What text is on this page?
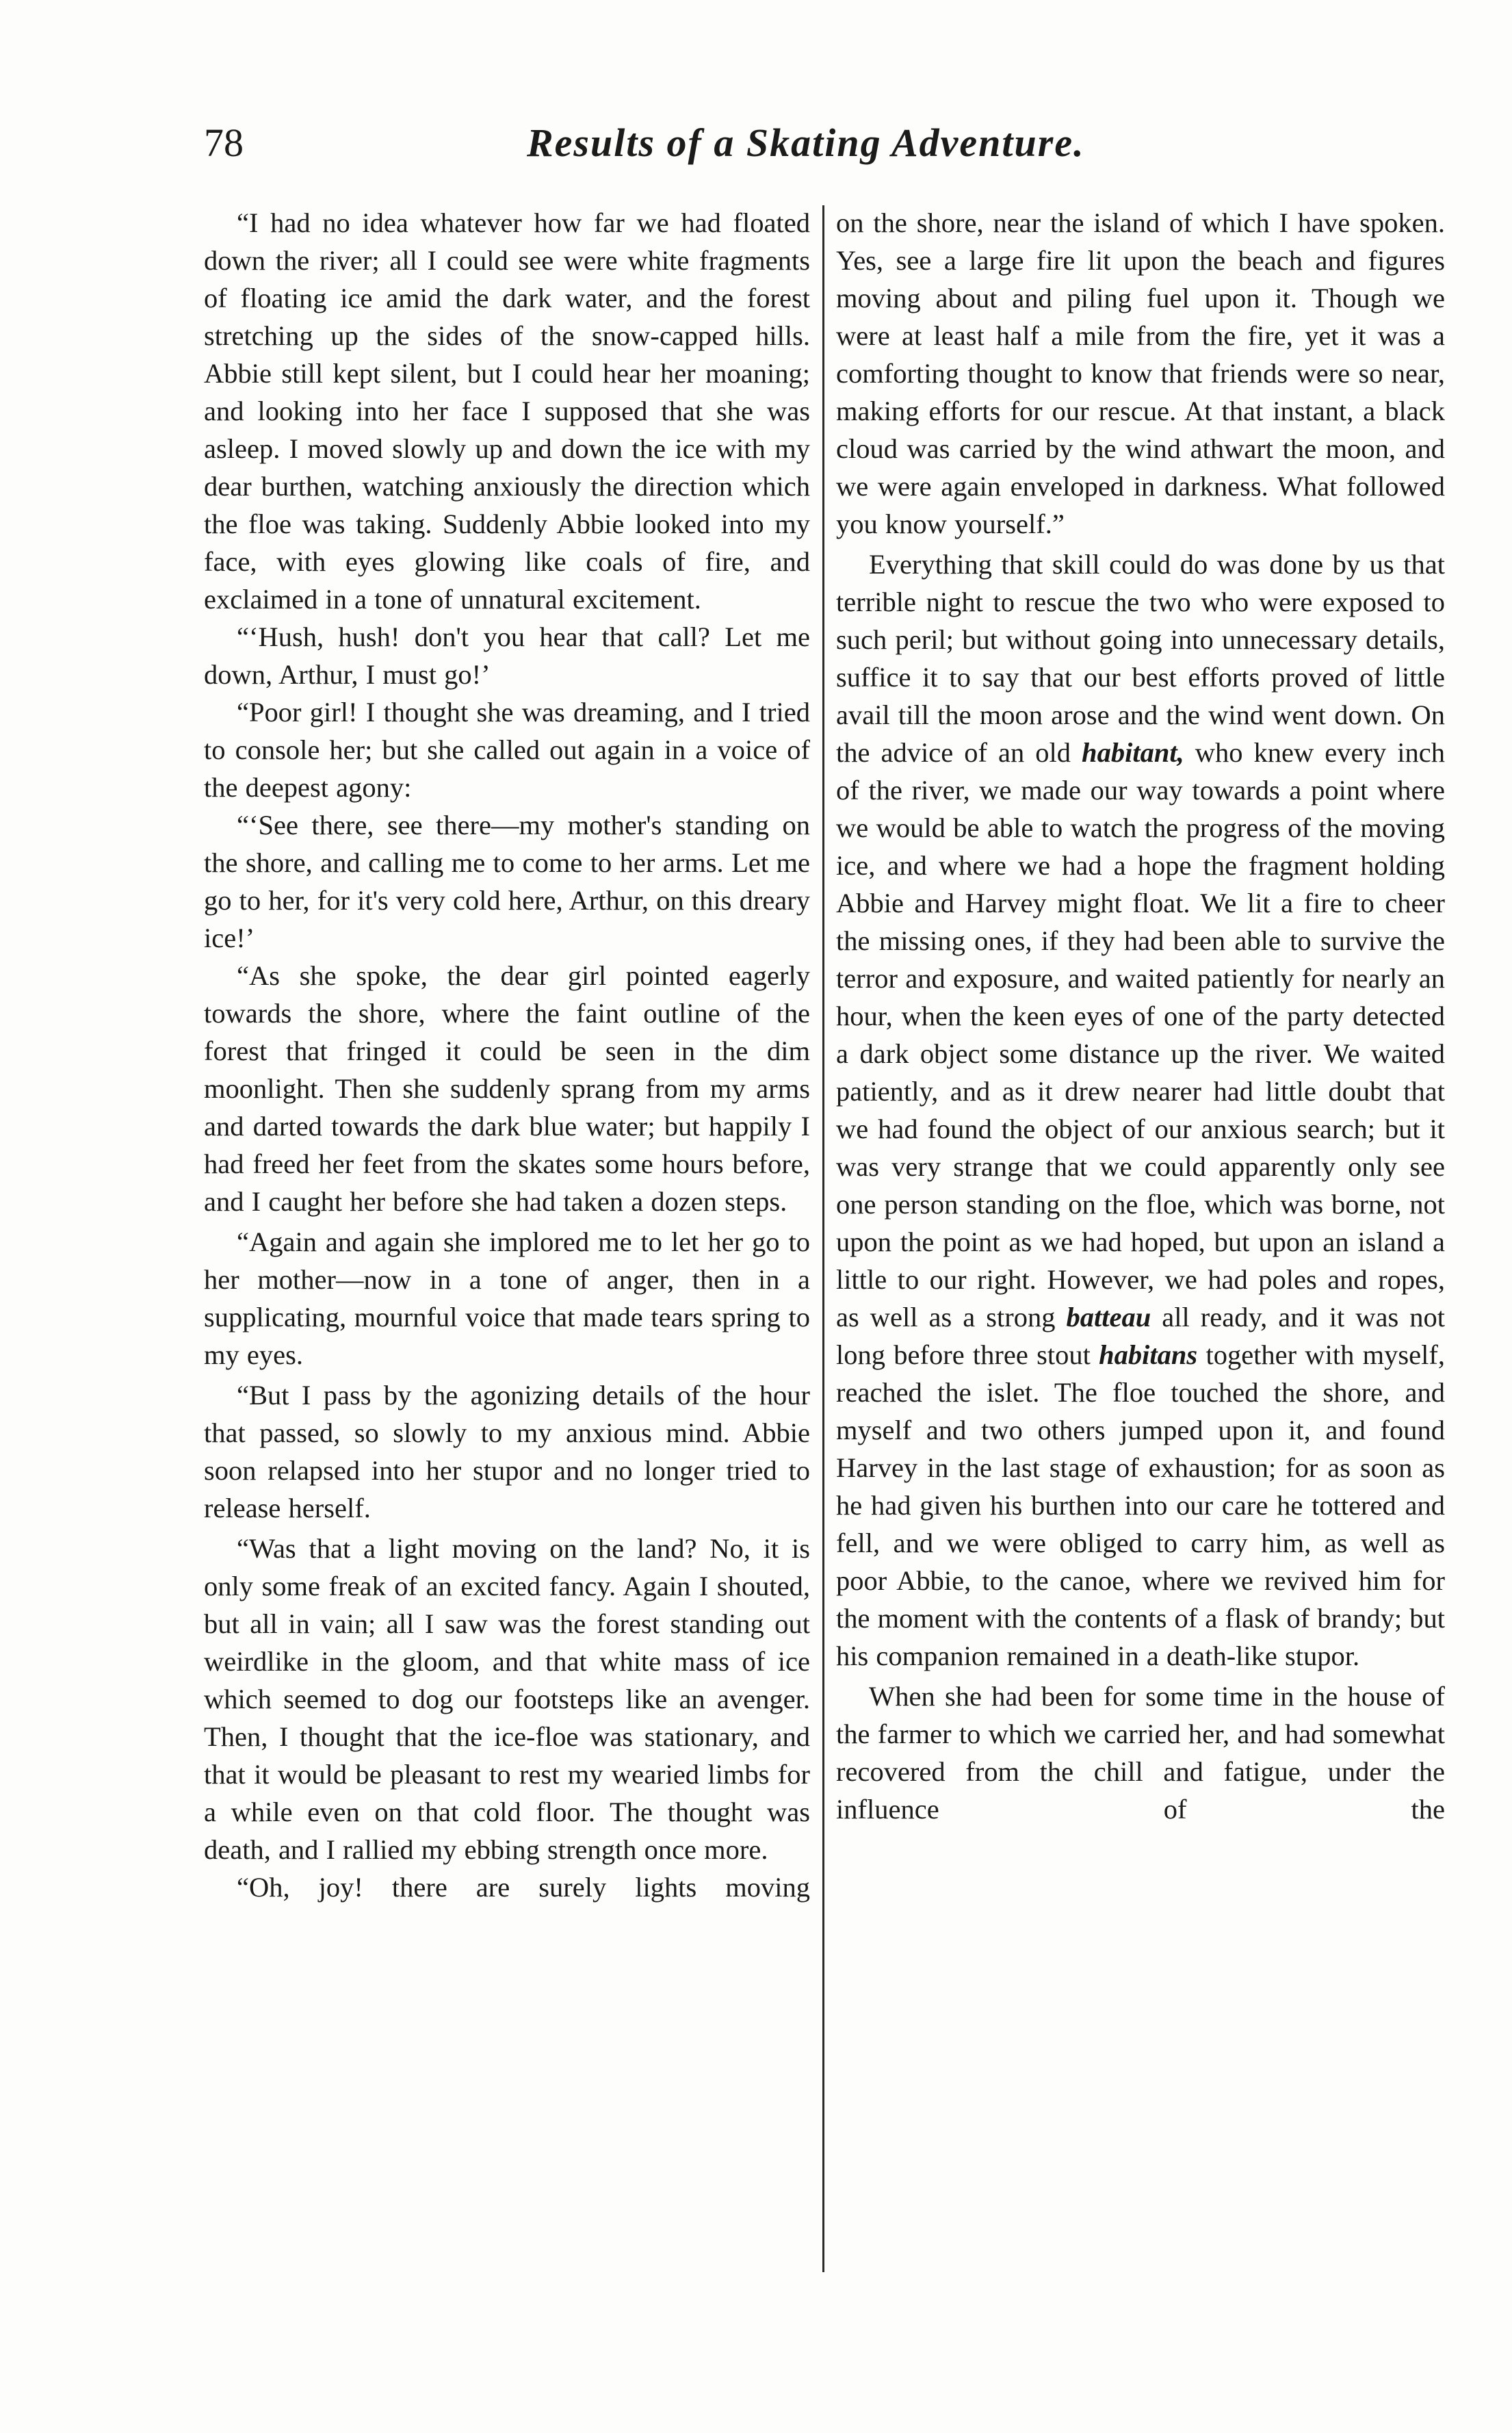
78	Results of a Skating Adventure.

“I had no idea whatever how far we had floated down the river; all I could see were white fragments of floating ice amid the dark water, and the forest stretching up the sides of the snow-capped hills. Abbie still kept silent, but I could hear her moaning; and looking into her face I supposed that she was asleep. I moved slowly up and down the ice with my dear burthen, watching anxiously the direction which the floe was taking. Suddenly Abbie looked into my face, with eyes glowing like coals of fire, and exclaimed in a tone of unnatural excitement.

“‘Hush, hush! don't you hear that call? Let me down, Arthur, I must go!’

“Poor girl! I thought she was dreaming, and I tried to console her; but she called out again in a voice of the deepest agony:

“‘See there, see there—my mother's standing on the shore, and calling me to come to her arms. Let me go to her, for it's very cold here, Arthur, on this dreary ice!’

“As she spoke, the dear girl pointed eagerly towards the shore, where the faint outline of the forest that fringed it could be seen in the dim moonlight. Then she suddenly sprang from my arms and darted towards the dark blue water; but happily I had freed her feet from the skates some hours before, and I caught her before she had taken a dozen steps.

“Again and again she implored me to let her go to her mother—now in a tone of anger, then in a supplicating, mournful voice that made tears spring to my eyes.

“But I pass by the agonizing details of the hour that passed, so slowly to my anxious mind. Abbie soon relapsed into her stupor and no longer tried to release herself.

“Was that a light moving on the land? No, it is only some freak of an excited fancy. Again I shouted, but all in vain; all I saw was the forest standing out weirdlike in the gloom, and that white mass of ice which seemed to dog our footsteps like an avenger. Then, I thought that the ice-floe was stationary, and that it would be pleasant to rest my wearied limbs for a while even on that cold floor. The thought was death, and I rallied my ebbing strength once more.

“Oh, joy! there are surely lights moving

on the shore, near the island of which I have spoken. Yes, see a large fire lit upon the beach and figures moving about and piling fuel upon it. Though we were at least half a mile from the fire, yet it was a comforting thought to know that friends were so near, making efforts for our rescue. At that instant, a black cloud was carried by the wind athwart the moon, and we were again enveloped in darkness. What followed you know yourself.”

Everything that skill could do was done by us that terrible night to rescue the two who were exposed to such peril; but without going into unnecessary details, suffice it to say that our best efforts proved of little avail till the moon arose and the wind went down. On the advice of an old habitant, who knew every inch of the river, we made our way towards a point where we would be able to watch the progress of the moving ice, and where we had a hope the fragment holding Abbie and Harvey might float. We lit a fire to cheer the missing ones, if they had been able to survive the terror and exposure, and waited patiently for nearly an hour, when the keen eyes of one of the party detected a dark object some distance up the river. We waited patiently, and as it drew nearer had little doubt that we had found the object of our anxious search; but it was very strange that we could apparently only see one person standing on the floe, which was borne, not upon the point as we had hoped, but upon an island a little to our right. However, we had poles and ropes, as well as a strong batteau all ready, and it was not long before three stout habitans together with myself, reached the islet. The floe touched the shore, and myself and two others jumped upon it, and found Harvey in the last stage of exhaustion; for as soon as he had given his burthen into our care he tottered and fell, and we were obliged to carry him, as well as poor Abbie, to the canoe, where we revived him for the moment with the contents of a flask of brandy; but his companion remained in a death-like stupor.

When she had been for some time in the house of the farmer to which we carried her, and had somewhat recovered from the chill and fatigue, under the influence of the
